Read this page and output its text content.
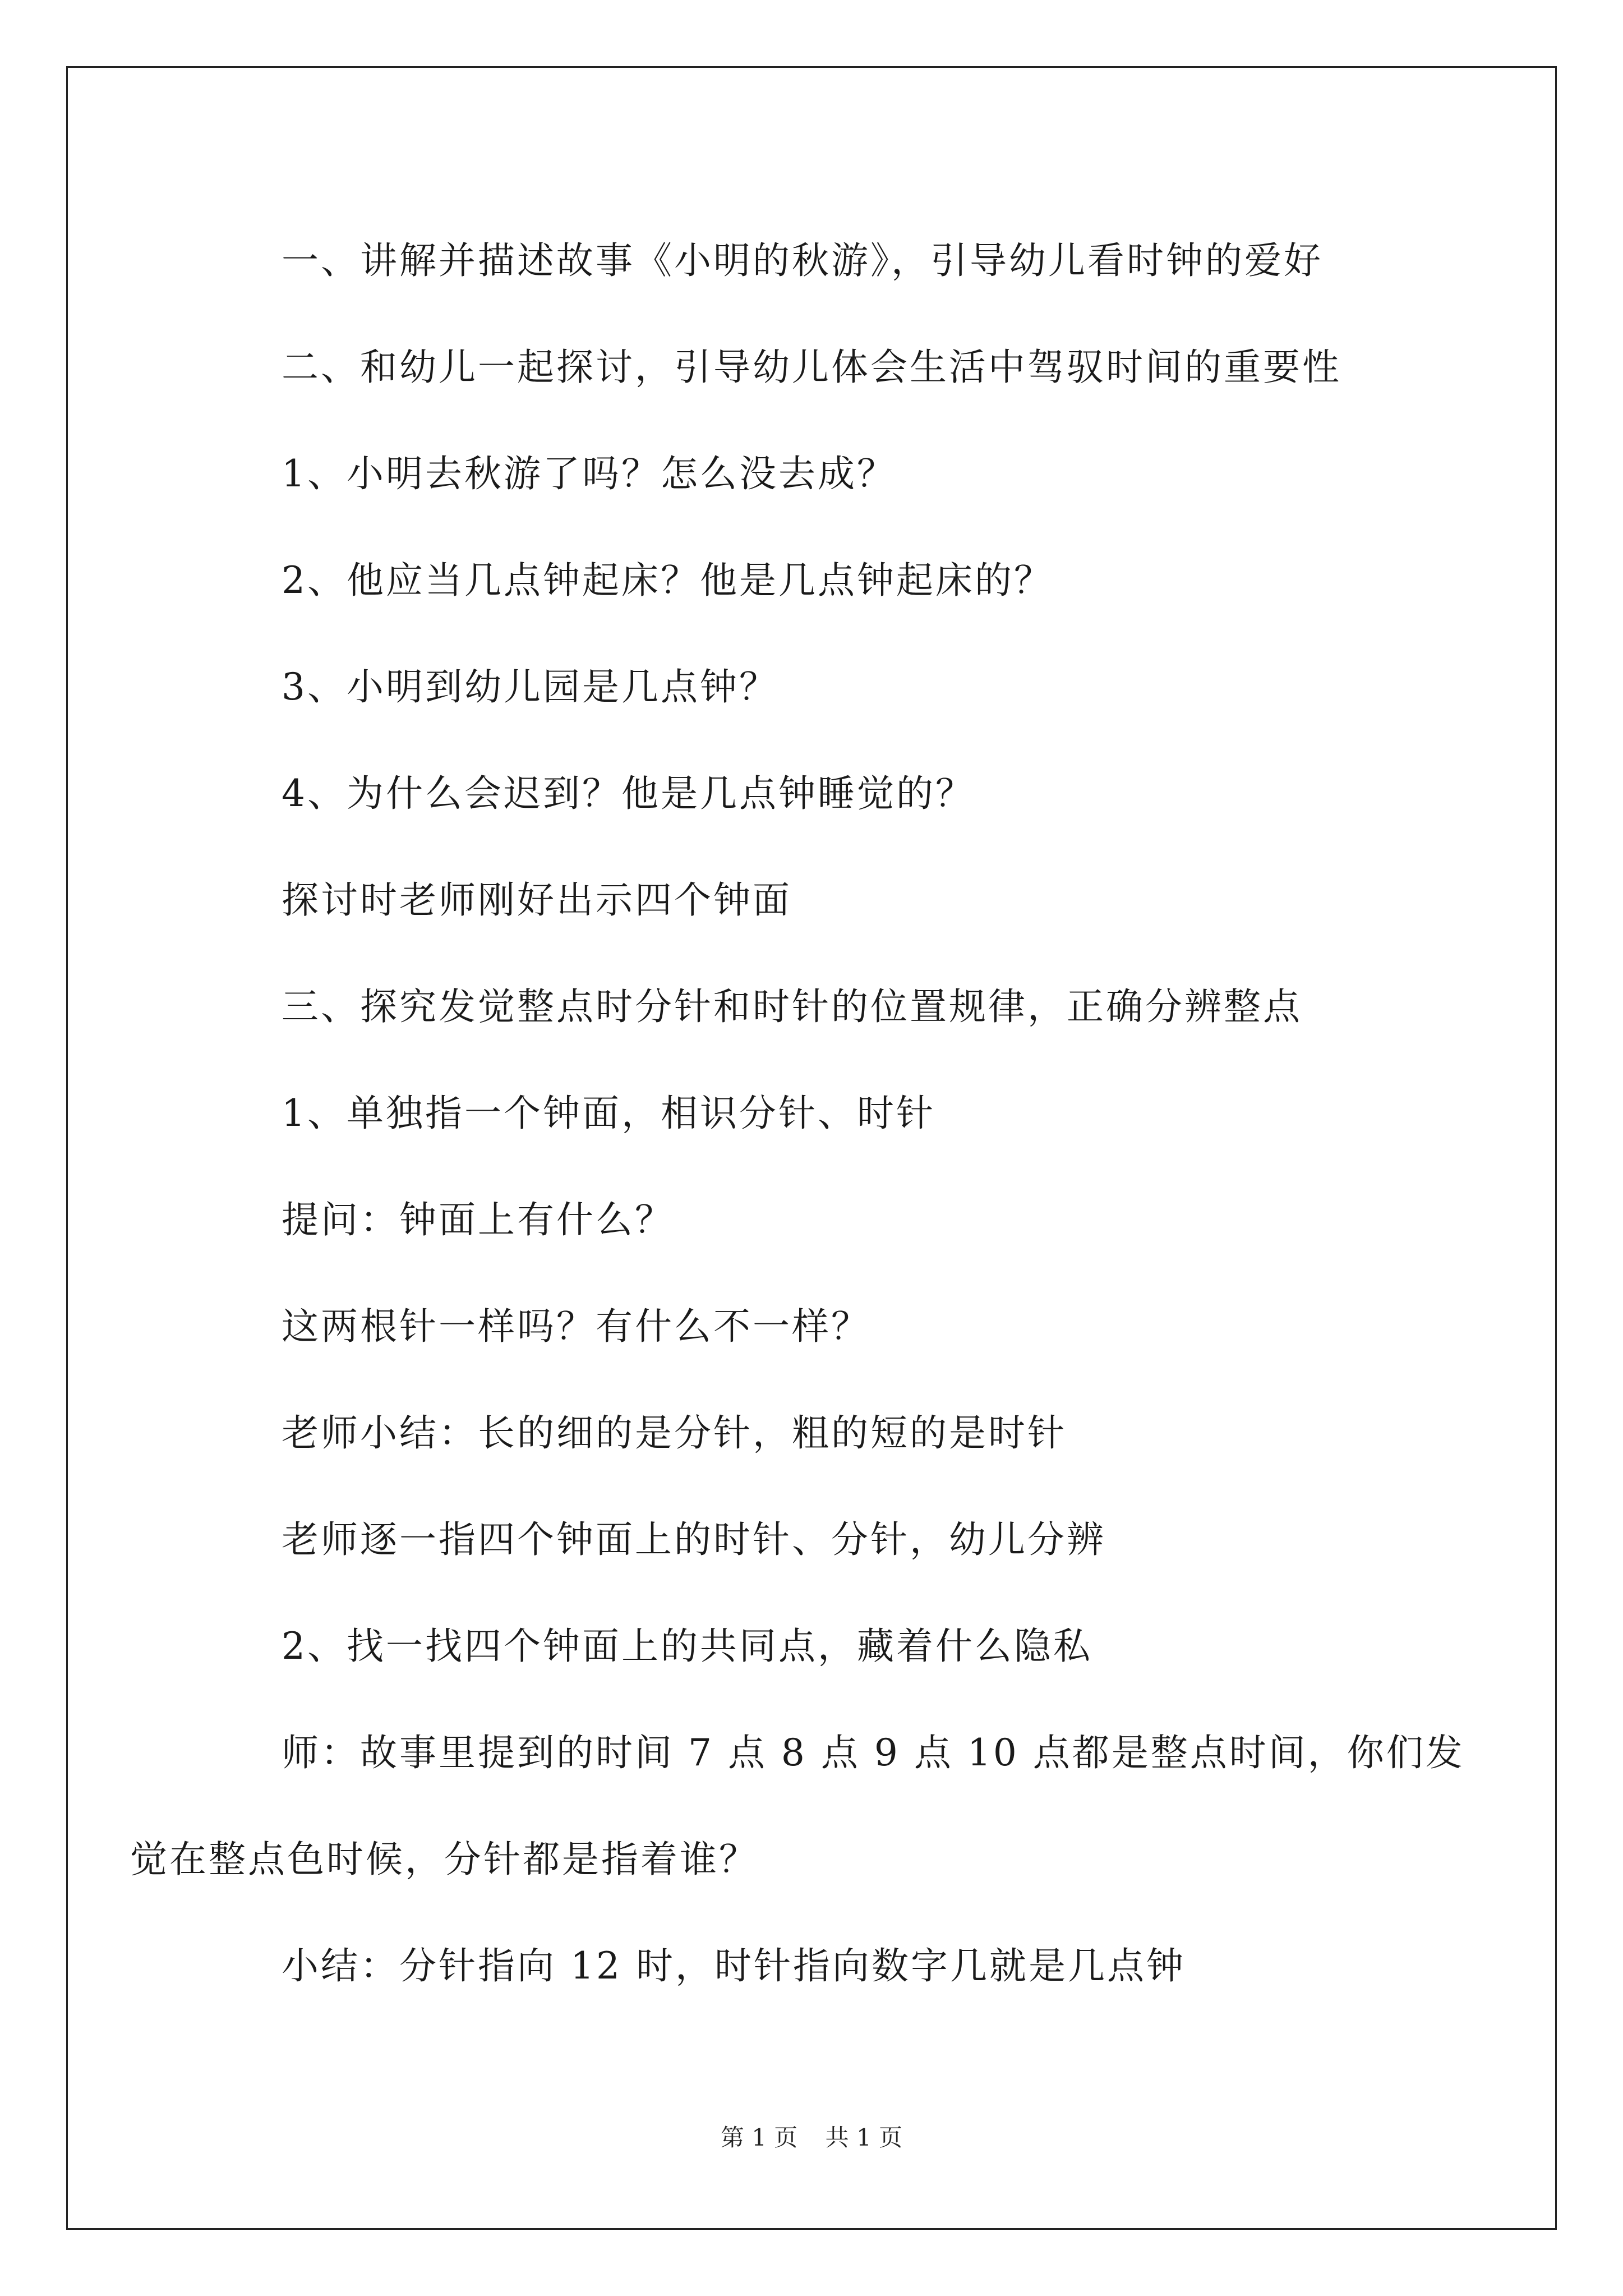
一、讲解并描述故事《小明的秋游》，引导幼儿看时钟的爱好

二、和幼儿一起探讨，引导幼儿体会生活中驾驭时间的重要性

1、小明去秋游了吗？怎么没去成？

2、他应当几点钟起床？他是几点钟起床的？

3、小明到幼儿园是几点钟？

4、为什么会迟到？他是几点钟睡觉的？

探讨时老师刚好出示四个钟面

三、探究发觉整点时分针和时针的位置规律，正确分辨整点

1、单独指一个钟面，相识分针、时针

提问：钟面上有什么？

这两根针一样吗？有什么不一样？

老师小结：长的细的是分针，粗的短的是时针

老师逐一指四个钟面上的时针、分针，幼儿分辨

2、找一找四个钟面上的共同点，藏着什么隐私

师：故事里提到的时间 7 点 8 点 9 点 10 点都是整点时间，你们发
觉在整点色时候，分针都是指着谁？

小结：分针指向 12 时，时针指向数字几就是几点钟

第 1 页 共 1 页
